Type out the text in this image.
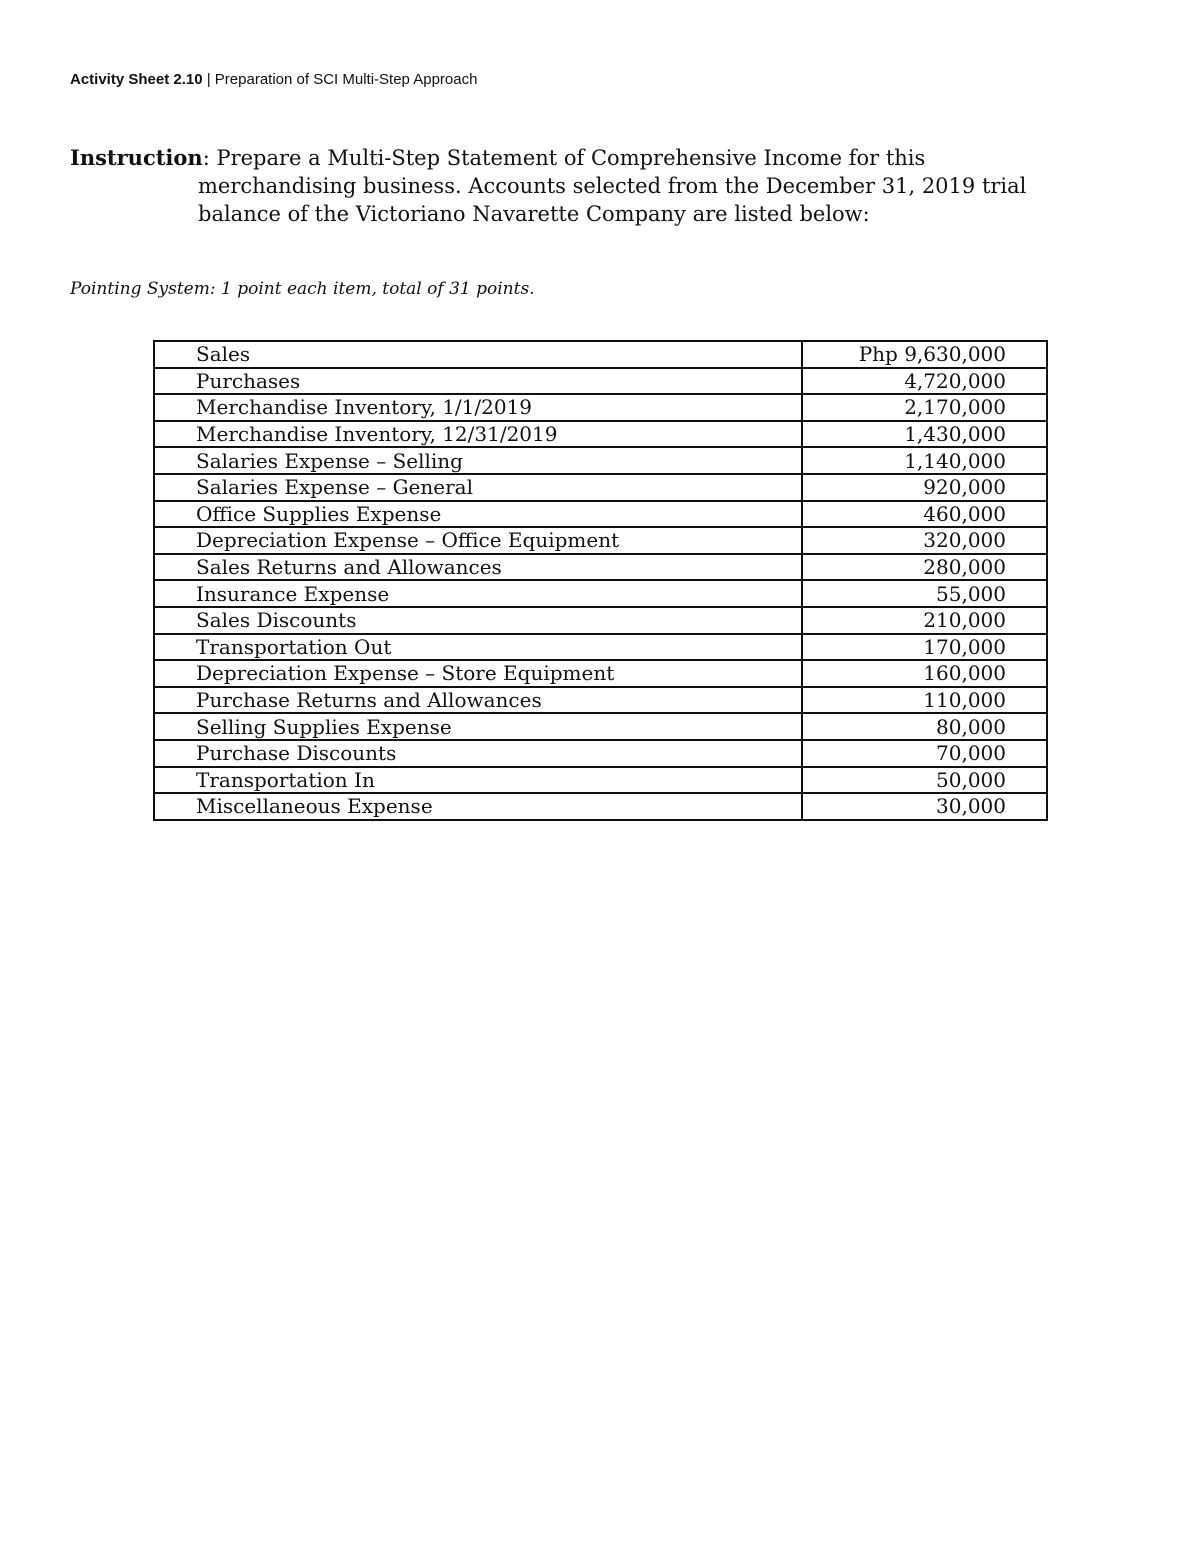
Activity Sheet 2.10 | Preparation of SCI Multi-Step Approach
Instruction: Prepare a Multi-Step Statement of Comprehensive Income for this
merchandising business. Accounts selected from the December 31, 2019 trial
balance of the Victoriano Navarette Company are listed below:
Pointing System: 1 point each item, total of 31 points.
Sales	Php 9,630,000
Purchases	4,720,000
Merchandise Inventory, 1/1/2019	2,170,000
Merchandise Inventory, 12/31/2019	1,430,000
Salaries Expense – Selling	1,140,000
Salaries Expense – General	920,000
Office Supplies Expense	460,000
Depreciation Expense – Office Equipment	320,000
Sales Returns and Allowances	280,000
Insurance Expense	55,000
Sales Discounts	210,000
Transportation Out	170,000
Depreciation Expense – Store Equipment	160,000
Purchase Returns and Allowances	110,000
Selling Supplies Expense	80,000
Purchase Discounts	70,000
Transportation In	50,000
Miscellaneous Expense	30,000
